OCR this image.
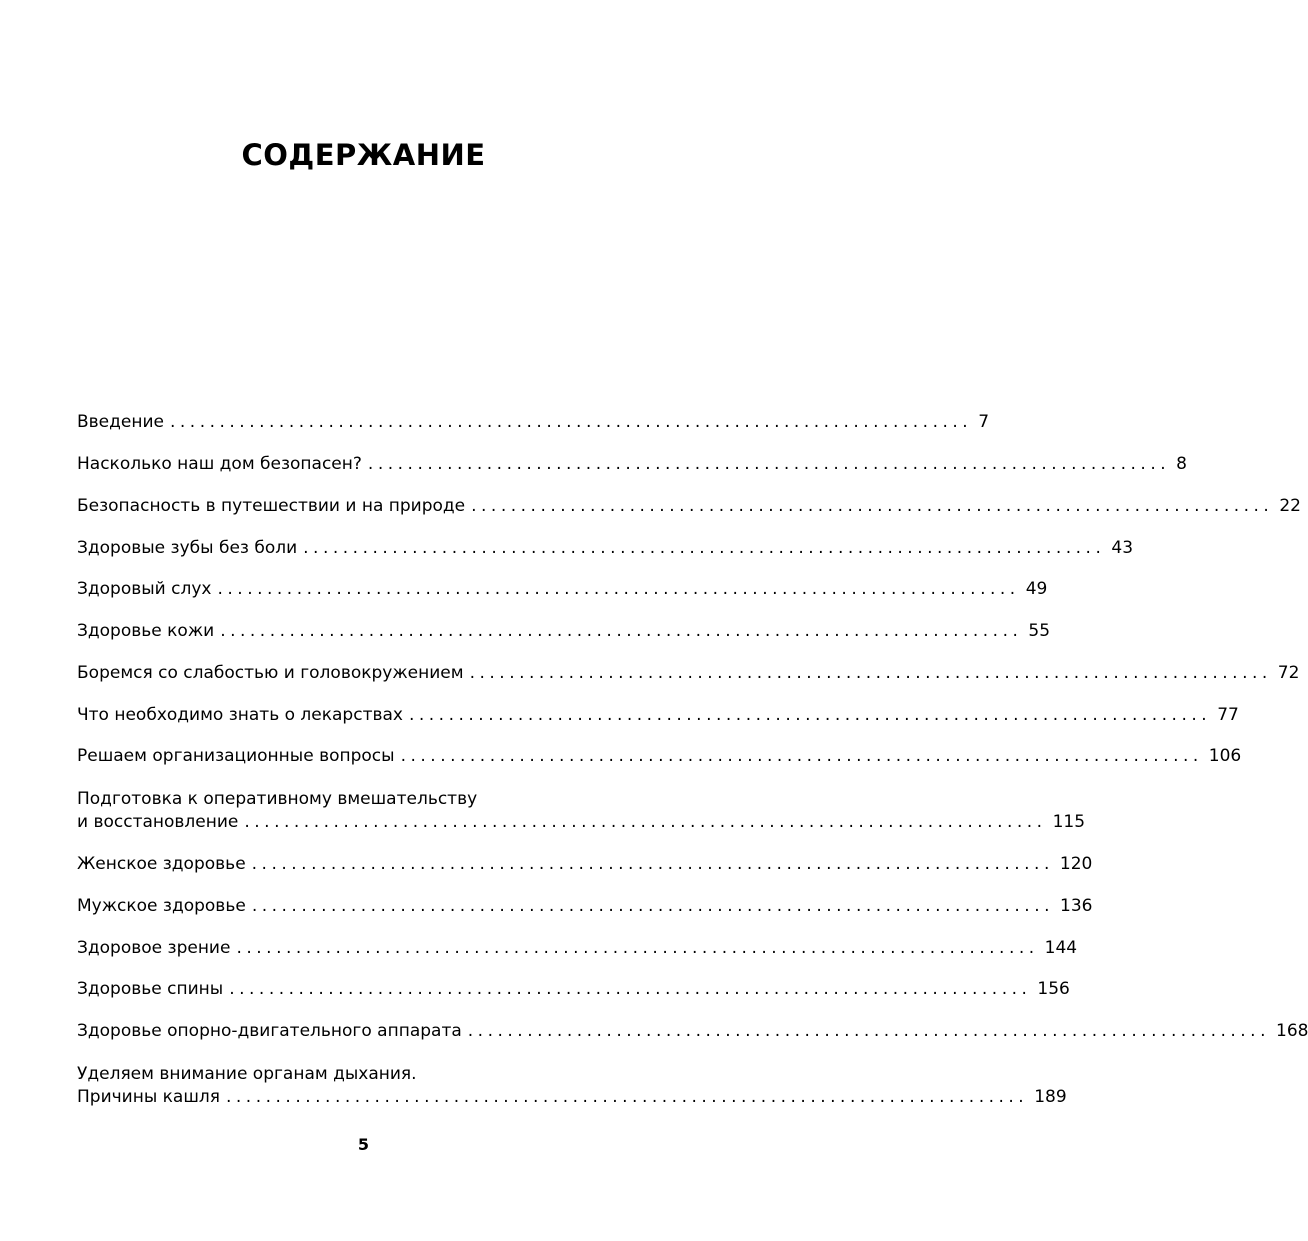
СОДЕРЖАНИЕ
Введение ................................................................................. 7
Насколько наш дом безопасен? ................................................................................. 8
Безопасность в путешествии и на природе ................................................................................. 22
Здоровые зубы без боли ................................................................................. 43
Здоровый слух ................................................................................. 49
Здоровье кожи ................................................................................. 55
Боремся со слабостью и головокружением ................................................................................. 72
Что необходимо знать о лекарствах ................................................................................. 77
Решаем организационные вопросы ................................................................................. 106
Подготовка к оперативному вмешательству
и восстановление ................................................................................. 115
Женское здоровье ................................................................................. 120
Мужское здоровье ................................................................................. 136
Здоровое зрение ................................................................................. 144
Здоровье спины ................................................................................. 156
Здоровье опорно-двигательного аппарата ................................................................................. 168
Уделяем внимание органам дыхания.
Причины кашля ................................................................................. 189
5
